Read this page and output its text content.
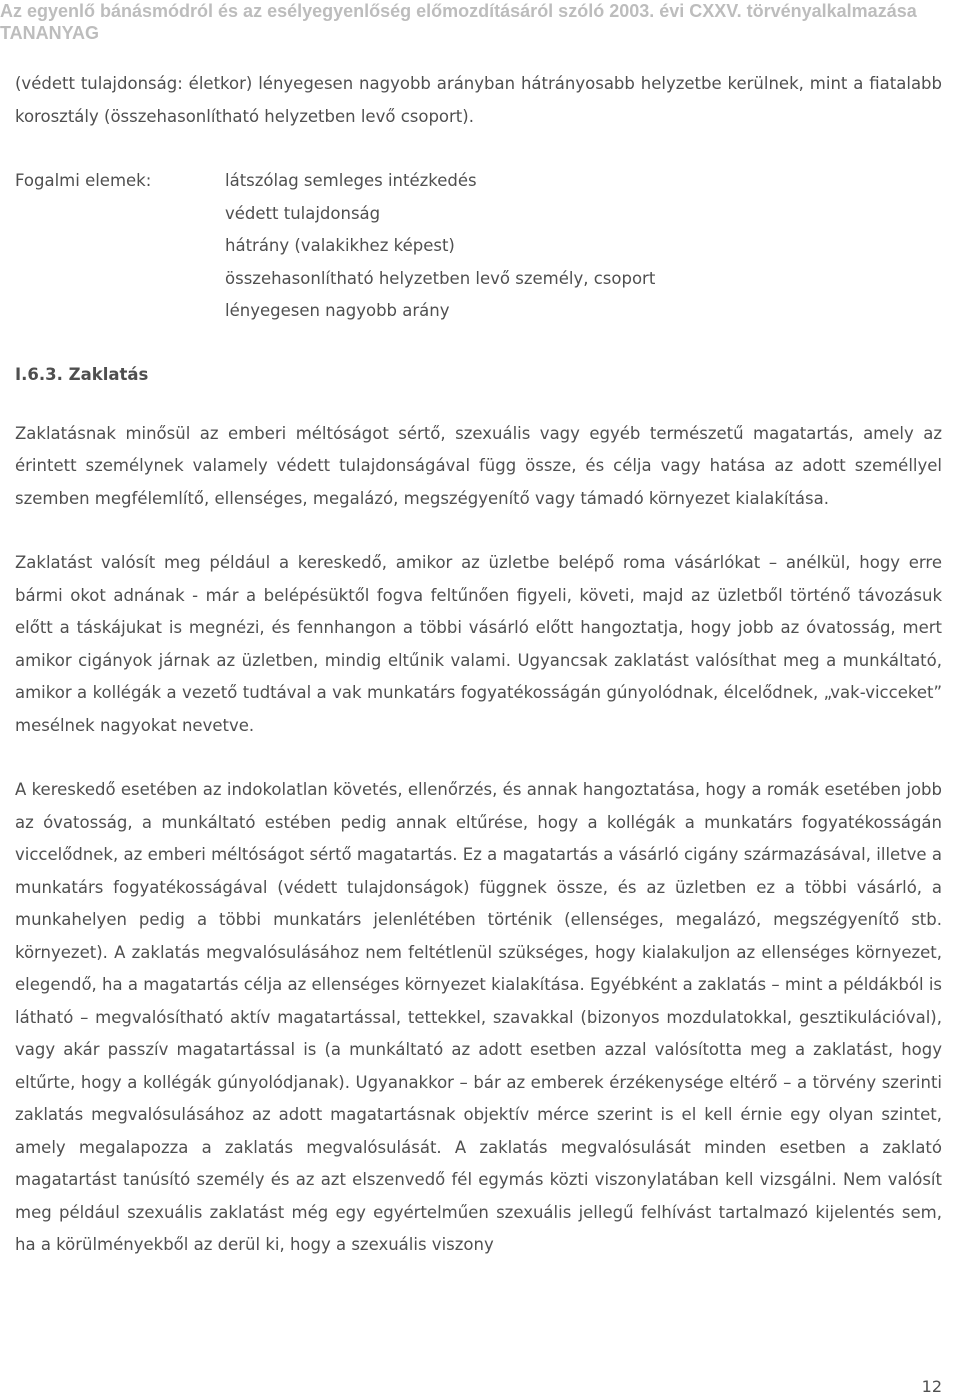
Az egyenlő bánásmódról és az esélyegyenlőség előmozdításáról szóló 2003. évi CXXV. törvényalkalmazása
TANANYAG

(védett tulajdonság: életkor) lényegesen nagyobb arányban hátrányosabb helyzetbe kerülnek, mint a fiatalabb korosztály (összehasonlítható helyzetben levő csoport).

Fogalmi elemek:	látszólag semleges intézkedés
védett tulajdonság
hátrány (valakikhez képest)
összehasonlítható helyzetben levő személy, csoport
lényegesen nagyobb arány
I.6.3. Zaklatás

Zaklatásnak minősül az emberi méltóságot sértő, szexuális vagy egyéb természetű magatartás, amely az érintett személynek valamely védett tulajdonságával függ össze, és célja vagy hatása az adott személlyel szemben megfélemlítő, ellenséges, megalázó, megszégyenítő vagy támadó környezet kialakítása.

Zaklatást valósít meg például a kereskedő, amikor az üzletbe belépő roma vásárlókat – anélkül, hogy erre bármi okot adnának - már a belépésüktől fogva feltűnően figyeli, követi, majd az üzletből történő távozásuk előtt a táskájukat is megnézi, és fennhangon a többi vásárló előtt hangoztatja, hogy jobb az óvatosság, mert amikor cigányok járnak az üzletben, mindig eltűnik valami. Ugyancsak zaklatást valósíthat meg a munkáltató, amikor a kollégák a vezető tudtával a vak munkatárs fogyatékosságán gúnyolódnak, élcelődnek, „vak-vicceket” mesélnek nagyokat nevetve.

A kereskedő esetében az indokolatlan követés, ellenőrzés, és annak hangoztatása, hogy a romák esetében jobb az óvatosság, a munkáltató estében pedig annak eltűrése, hogy a kollégák a munkatárs fogyatékosságán viccelődnek, az emberi méltóságot sértő magatartás. Ez a magatartás a vásárló cigány származásával, illetve a munkatárs fogyatékosságával (védett tulajdonságok) függnek össze, és az üzletben ez a többi vásárló, a munkahelyen pedig a többi munkatárs jelenlétében történik (ellenséges, megalázó, megszégyenítő stb. környezet). A zaklatás megvalósulásához nem feltétlenül szükséges, hogy kialakuljon az ellenséges környezet, elegendő, ha a magatartás célja az ellenséges környezet kialakítása. Egyébként a zaklatás – mint a példákból is látható – megvalósítható aktív magatartással, tettekkel, szavakkal (bizonyos mozdulatokkal, gesztikulációval), vagy akár passzív magatartással is (a munkáltató az adott esetben azzal valósította meg a zaklatást, hogy eltűrte, hogy a kollégák gúnyolódjanak). Ugyanakkor – bár az emberek érzékenysége eltérő – a törvény szerinti zaklatás megvalósulásához az adott magatartásnak objektív mérce szerint is el kell érnie egy olyan szintet, amely megalapozza a zaklatás megvalósulását. A zaklatás megvalósulását minden esetben a zaklató magatartást tanúsító személy és az azt elszenvedő fél egymás közti viszonylatában kell vizsgálni. Nem valósít meg például szexuális zaklatást még egy egyértelműen szexuális jellegű felhívást tartalmazó kijelentés sem, ha a körülményekből az derül ki, hogy a szexuális viszony

12
